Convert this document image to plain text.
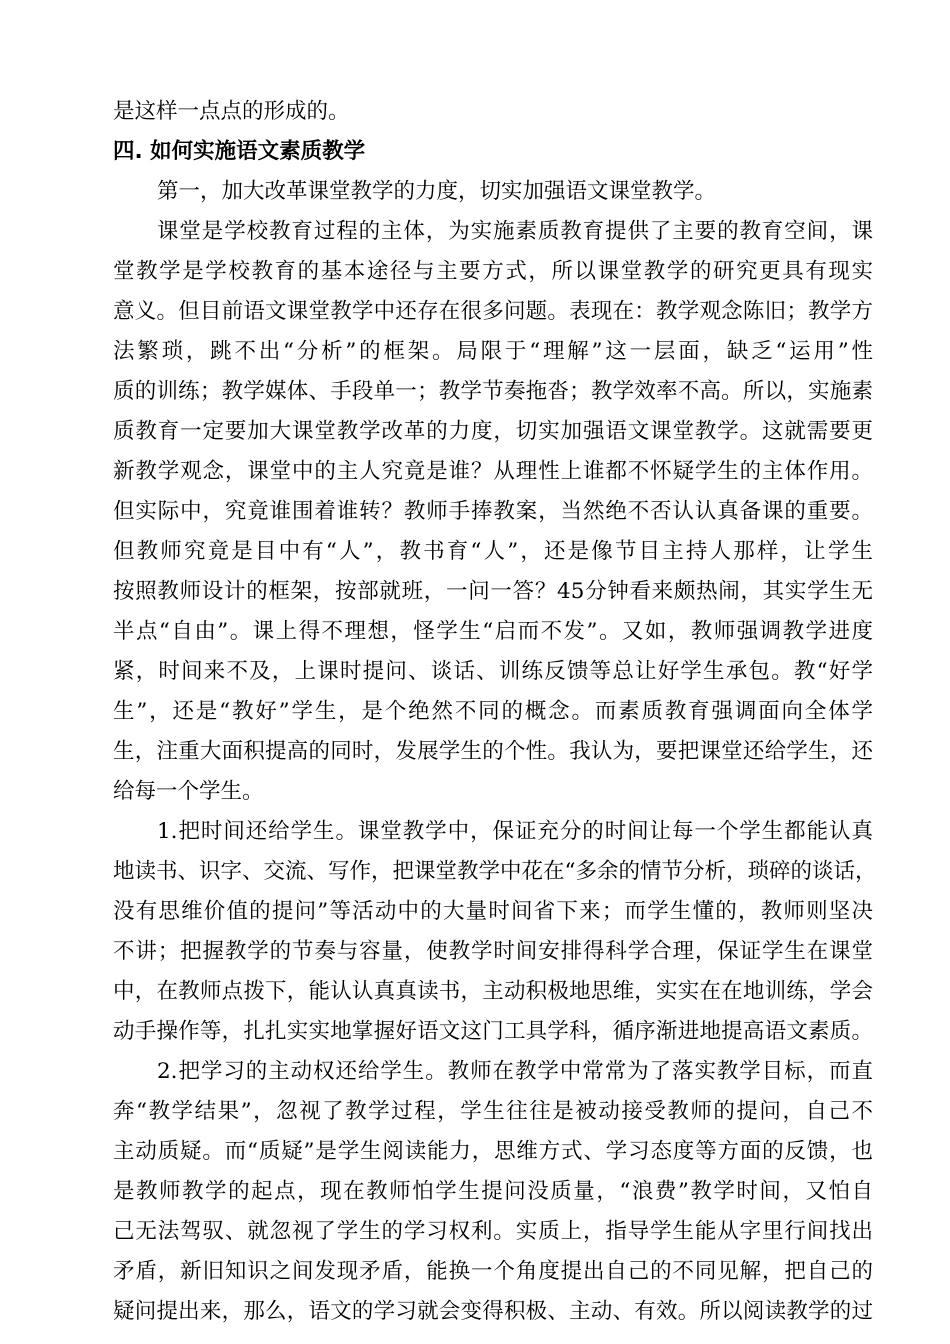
是这样一点点的形成的。
四. 如何实施语文素质教学
第一，加大改革课堂教学的力度，切实加强语文课堂教学。
课堂是学校教育过程的主体，为实施素质教育提供了主要的教育空间，课
堂教学是学校教育的基本途径与主要方式，所以课堂教学的研究更具有现实
意义。但目前语文课堂教学中还存在很多问题。表现在：教学观念陈旧；教学方
法繁琐，跳不出“分析”的框架。局限于“理解”这一层面，缺乏“运用”性
质的训练；教学媒体、手段单一；教学节奏拖沓；教学效率不高。所以，实施素
质教育一定要加大课堂教学改革的力度，切实加强语文课堂教学。这就需要更
新教学观念，课堂中的主人究竟是谁？从理性上谁都不怀疑学生的主体作用。
但实际中，究竟谁围着谁转？教师手捧教案，当然绝不否认认真备课的重要。
但教师究竟是目中有“人”，教书育“人”，还是像节目主持人那样，让学生
按照教师设计的框架，按部就班，一问一答？45分钟看来颇热闹，其实学生无
半点“自由”。课上得不理想，怪学生“启而不发”。又如，教师强调教学进度
紧，时间来不及，上课时提问、谈话、训练反馈等总让好学生承包。教“好学
生”，还是“教好”学生，是个绝然不同的概念。而素质教育强调面向全体学
生，注重大面积提高的同时，发展学生的个性。我认为，要把课堂还给学生，还
给每一个学生。
1.把时间还给学生。课堂教学中，保证充分的时间让每一个学生都能认真
地读书、识字、交流、写作，把课堂教学中花在“多余的情节分析，琐碎的谈话，
没有思维价值的提问”等活动中的大量时间省下来；而学生懂的，教师则坚决
不讲；把握教学的节奏与容量，使教学时间安排得科学合理，保证学生在课堂
中，在教师点拨下，能认认真真读书，主动积极地思维，实实在在地训练，学会
动手操作等，扎扎实实地掌握好语文这门工具学科，循序渐进地提高语文素质。
2.把学习的主动权还给学生。教师在教学中常常为了落实教学目标，而直
奔“教学结果”，忽视了教学过程，学生往往是被动接受教师的提问，自己不
主动质疑。而“质疑”是学生阅读能力，思维方式、学习态度等方面的反馈，也
是教师教学的起点，现在教师怕学生提问没质量，“浪费”教学时间，又怕自
己无法驾驭、就忽视了学生的学习权利。实质上，指导学生能从字里行间找出
矛盾，新旧知识之间发现矛盾，能换一个角度提出自己的不同见解，把自己的
疑问提出来，那么，语文的学习就会变得积极、主动、有效。所以阅读教学的过
